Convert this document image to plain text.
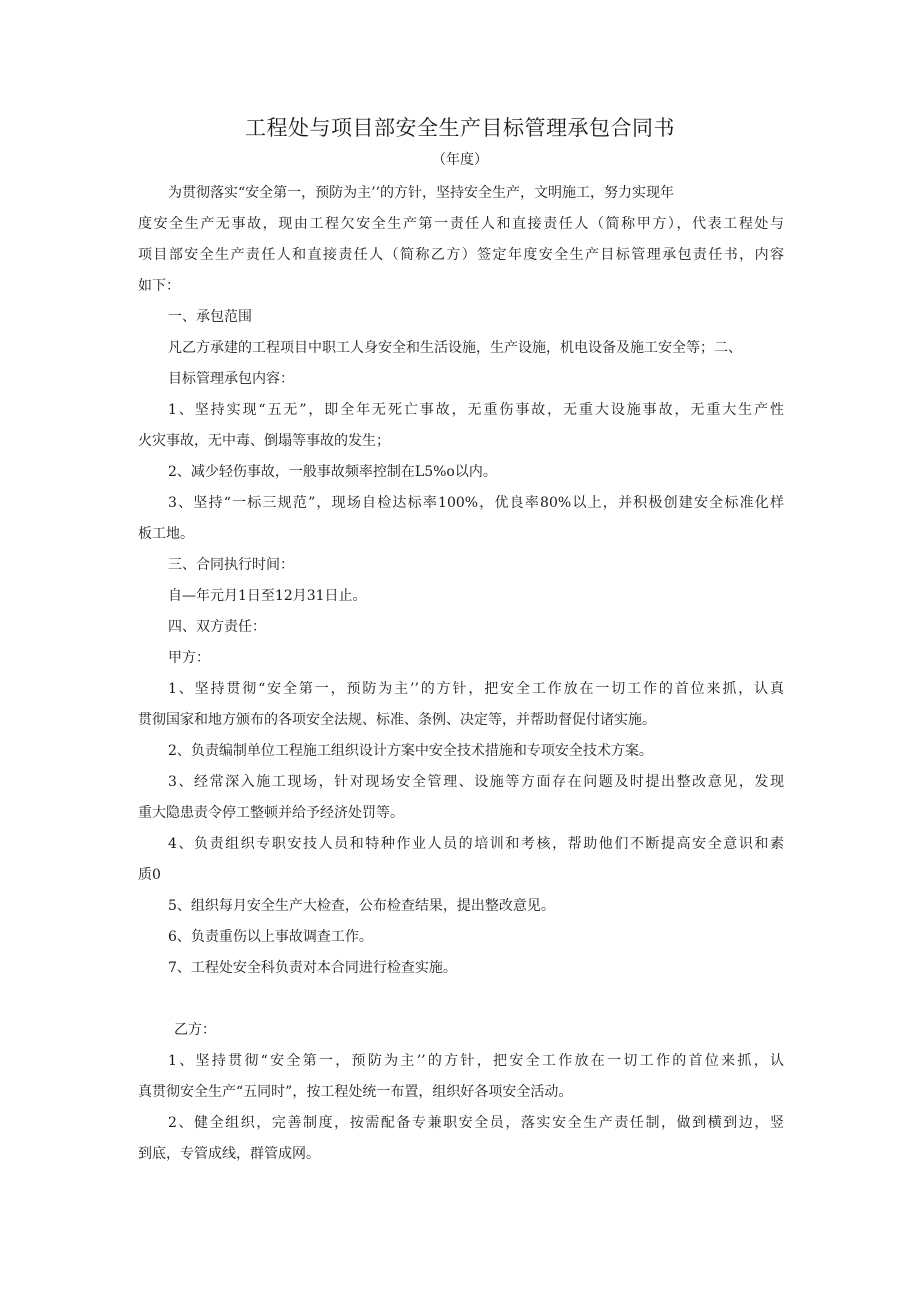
工程处与项目部安全生产目标管理承包合同书

（年度）

为贯彻落实“安全第一，预防为主’’的方针，坚持安全生产，文明施工，努力实现年

度安全生产无事故，现由工程欠安全生产第一责任人和直接责任人（简称甲方），代表工程处与

项目部安全生产责任人和直接责任人（简称乙方）签定年度安全生产目标管理承包责任书，内容

如下：

一、承包范围

凡乙方承建的工程项目中职工人身安全和生活设施，生产设施，机电设备及施工安全等；二、

目标管理承包内容：

1、坚持实现“五无”，即全年无死亡事故，无重伤事故，无重大设施事故，无重大生产性

火灾事故，无中毒、倒塌等事故的发生；

2、减少轻伤事故，一般事故频率控制在L5%o以内。

3、坚持“一标三规范”，现场自检达标率100%，优良率80%以上，并积极创建安全标准化样

板工地。

三、合同执行时间：

自—年元月1日至12月31日止。

四、双方责任：

甲方：

1、坚持贯彻“安全第一，预防为主’’的方针，把安全工作放在一切工作的首位来抓，认真

贯彻国家和地方颁布的各项安全法规、标准、条例、决定等，并帮助督促付诸实施。

2、负责编制单位工程施工组织设计方案中安全技术措施和专项安全技术方案。

3、经常深入施工现场，针对现场安全管理、设施等方面存在问题及时提出整改意见，发现

重大隐患责令停工整顿并给予经济处罚等。

4、负责组织专职安技人员和特种作业人员的培训和考核，帮助他们不断提高安全意识和素

质0

5、组织每月安全生产大检查，公布检查结果，提出整改意见。

6、负责重伤以上事故调查工作。

7、工程处安全科负责对本合同进行检查实施。

乙方：

1、坚持贯彻“安全第一，预防为主’’的方针，把安全工作放在一切工作的首位来抓，认

真贯彻安全生产“五同时”，按工程处统一布置，组织好各项安全活动。

2、健全组织，完善制度，按需配备专兼职安全员，落实安全生产责任制，做到横到边，竖

到底，专管成线，群管成网。
